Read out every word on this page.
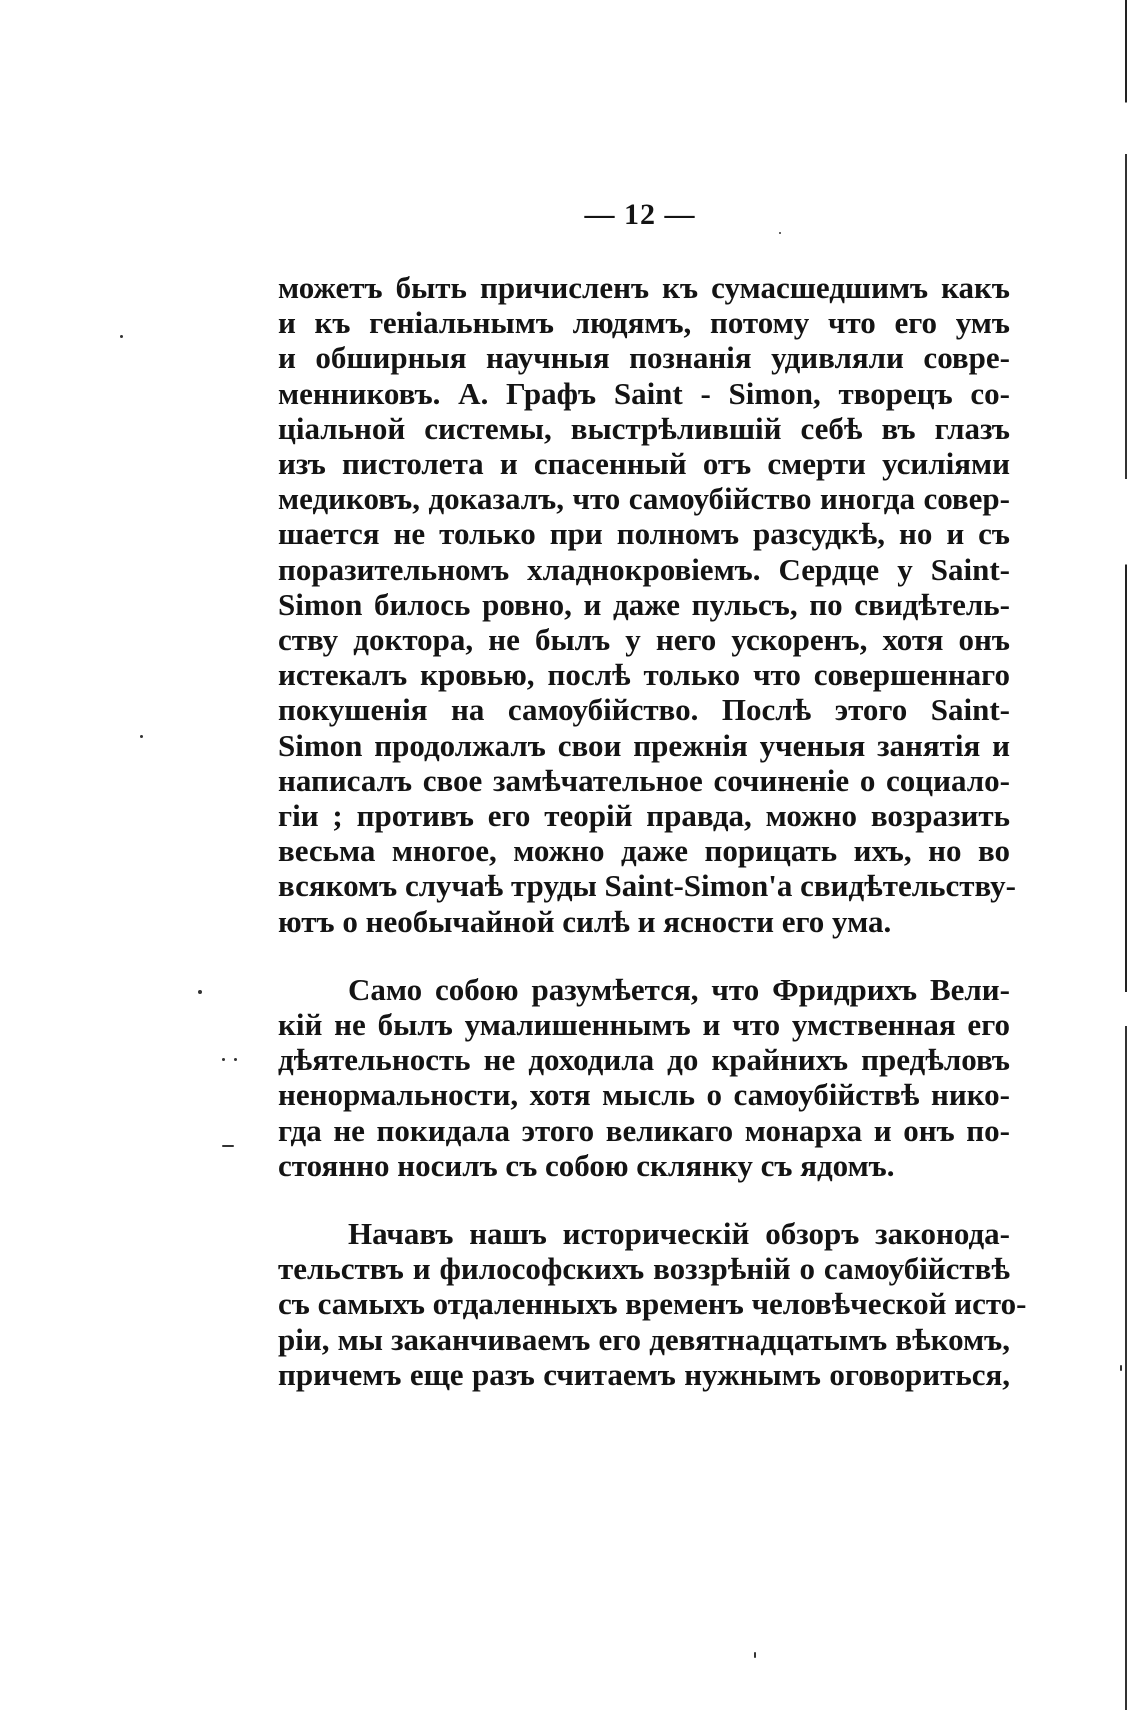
— 12 —

можетъ быть причисленъ къ сумасшедшимъ какъ
и къ геніальнымъ людямъ, потому что его умъ
и обширныя научныя познанія удивляли совре-
менниковъ. А. Графъ Saint - Simon, творецъ со-
ціальной системы, выстрѣлившій себѣ въ глазъ
изъ пистолета и спасенный отъ смерти усиліями
медиковъ, доказалъ, что самоубійство иногда совер-
шается не только при полномъ разсудкѣ, но и съ
поразительномъ хладнокровіемъ. Сердце у Saint-
Simon билось ровно, и даже пульсъ, по свидѣтель-
ству доктора, не былъ у него ускоренъ, хотя онъ
истекалъ кровью, послѣ только что совершеннаго
покушенія на самоубійство. Послѣ этого Saint-
Simon продолжалъ свои прежнія ученыя занятія и
написалъ свое замѣчательное сочиненіе о социало-
гіи ; противъ его теорій правда, можно возразить
весьма многое, можно даже порицать ихъ, но во
всякомъ случаѣ труды Saint-Simon'а свидѣтельству-
ютъ о необычайной силѣ и ясности его ума.

Само собою разумѣется, что Фридрихъ Вели-
кій не былъ умалишеннымъ и что умственная его
дѣятельность не доходила до крайнихъ предѣловъ
ненормальности, хотя мысль о самоубійствѣ нико-
гда не покидала этого великаго монарха и онъ по-
стоянно носилъ съ собою склянку съ ядомъ.

Начавъ нашъ историческій обзоръ законода-
тельствъ и философскихъ воззрѣній о самоубійствѣ
съ самыхъ отдаленныхъ временъ человѣческой исто-
ріи, мы заканчиваемъ его девятнадцатымъ вѣкомъ,
причемъ еще разъ считаемъ нужнымъ оговориться,
